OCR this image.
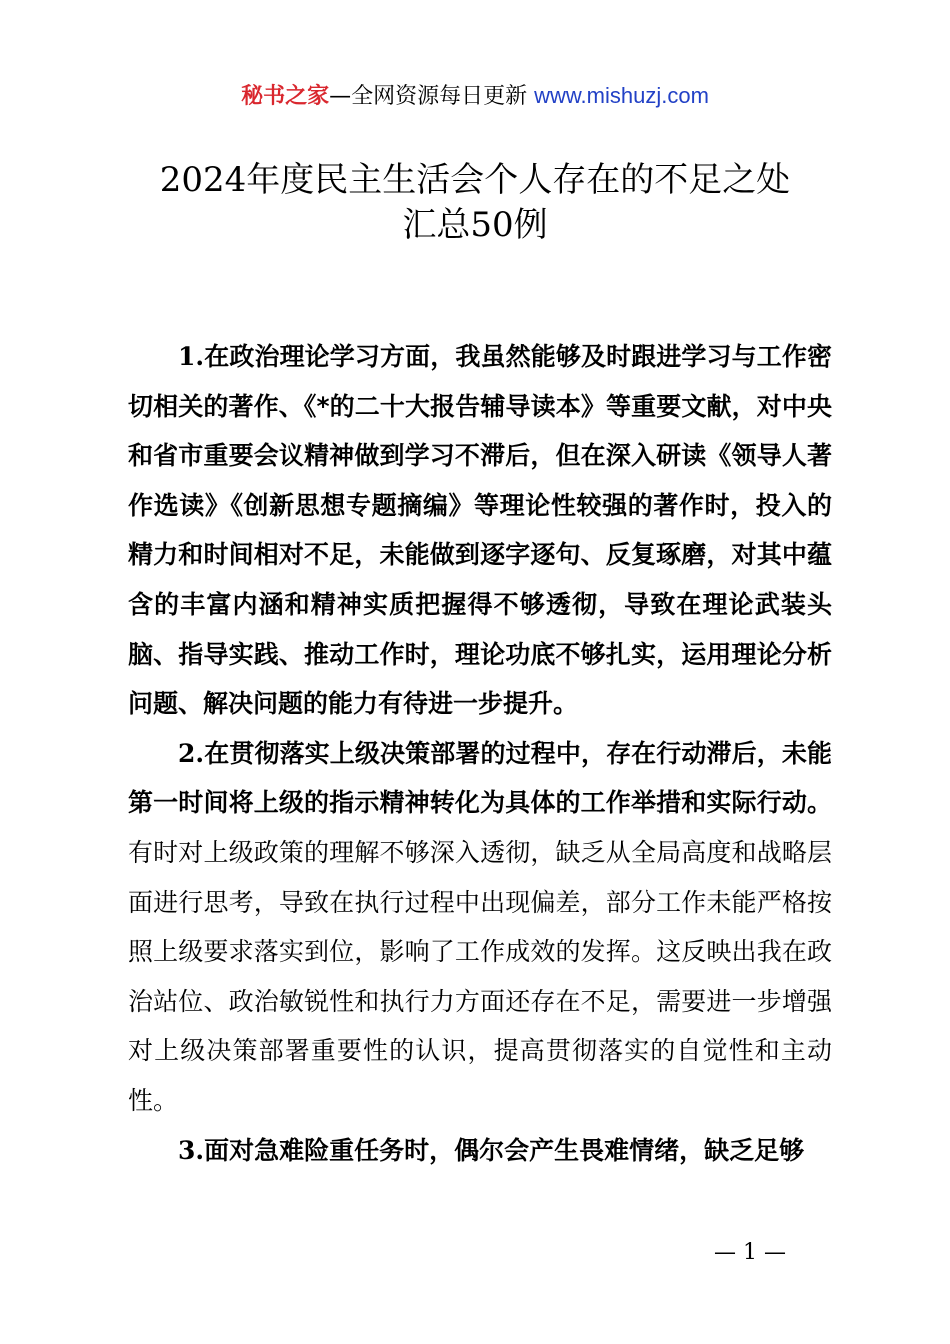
秘书之家—全网资源每日更新 www.mishuzj.com
2024年度民主生活会个人存在的不足之处
汇总50例

1.在政治理论学习方面，我虽然能够及时跟进学习与工作密切相关的著作、《*的二十大报告辅导读本》等重要文献，对中央和省市重要会议精神做到学习不滞后，但在深入研读《领导人著作选读》《创新思想专题摘编》等理论性较强的著作时，投入的精力和时间相对不足，未能做到逐字逐句、反复琢磨，对其中蕴含的丰富内涵和精神实质把握得不够透彻，导致在理论武装头脑、指导实践、推动工作时，理论功底不够扎实，运用理论分析问题、解决问题的能力有待进一步提升。

2.在贯彻落实上级决策部署的过程中，存在行动滞后，未能第一时间将上级的指示精神转化为具体的工作举措和实际行动。有时对上级政策的理解不够深入透彻，缺乏从全局高度和战略层面进行思考，导致在执行过程中出现偏差，部分工作未能严格按照上级要求落实到位，影响了工作成效的发挥。这反映出我在政治站位、政治敏锐性和执行力方面还存在不足，需要进一步增强对上级决策部署重要性的认识，提高贯彻落实的自觉性和主动性。

3.面对急难险重任务时，偶尔会产生畏难情绪，缺乏足够

— 1 —
